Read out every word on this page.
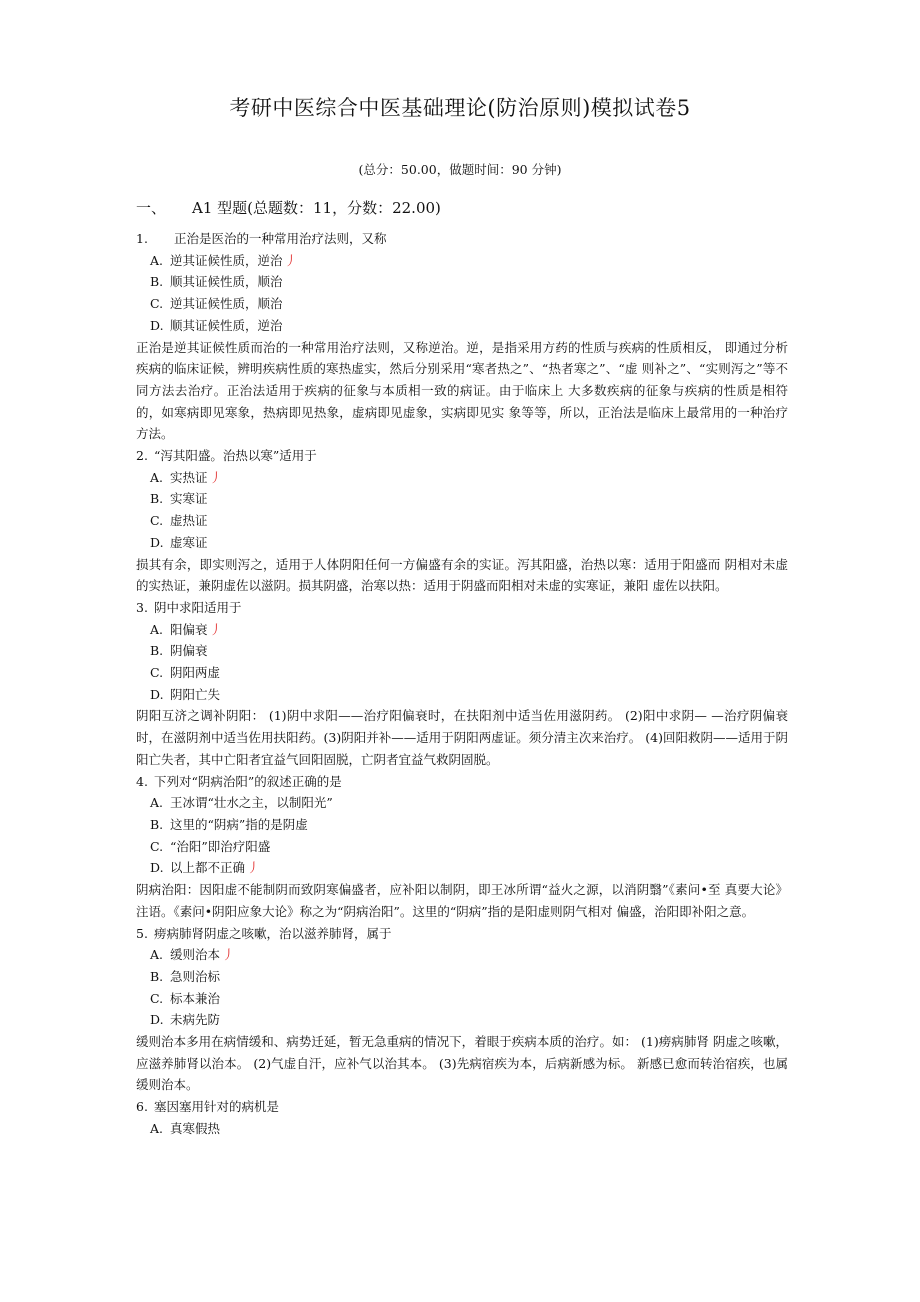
考研中医综合中医基础理论(防治原则)模拟试卷5
(总分：50.00，做题时间：90 分钟)
一、 A1 型题(总题数：11，分数：22.00)
1. 正治是医治的一种常用治疗法则，又称
A. 逆其证候性质，逆治 丿
B. 顺其证候性质，顺治
C. 逆其证候性质，顺治
D. 顺其证候性质，逆治
正治是逆其证候性质而治的一种常用治疗法则，又称逆治。逆，是指采用方药的性质与疾病的性质相反， 即通过分析疾病的临床证候，辨明疾病性质的寒热虚实，然后分别采用“寒者热之”、“热者寒之”、“虚 则补之”、“实则泻之”等不同方法去治疗。正治法适用于疾病的征象与本质相一致的病证。由于临床上 大多数疾病的征象与疾病的性质是相符的，如寒病即见寒象，热病即见热象，虚病即见虚象，实病即见实 象等等，所以，正治法是临床上最常用的一种治疗方法。
2. “泻其阳盛。治热以寒”适用于
A. 实热证 丿
B. 实寒证
C. 虚热证
D. 虚寒证
损其有余，即实则泻之，适用于人体阴阳任何一方偏盛有余的实证。泻其阳盛，治热以寒：适用于阳盛而 阴相对未虚的实热证，兼阴虚佐以滋阴。损其阴盛，治寒以热：适用于阴盛而阳相对未虚的实寒证，兼阳 虚佐以扶阳。
3. 阴中求阳适用于
A. 阳偏衰 丿
B. 阴偏衰
C. 阴阳两虚
D. 阴阳亡失
阴阳互济之调补阴阳： (1)阴中求阳——治疗阳偏衰时，在扶阳剂中适当佐用滋阴药。 (2)阳中求阴— —治疗阴偏衰时，在滋阴剂中适当佐用扶阳药。(3)阴阳并补——适用于阴阳两虚证。须分清主次来治疗。 (4)回阳救阴——适用于阴阳亡失者，其中亡阳者宜益气回阳固脱，亡阴者宜益气救阴固脱。
4. 下列对“阴病治阳”的叙述正确的是
A. 王冰谓“壮水之主，以制阳光”
B. 这里的“阴病”指的是阴虚
C. “治阳”即治疗阳盛
D. 以上都不正确 丿
阴病治阳：因阳虚不能制阴而致阴寒偏盛者，应补阳以制阴，即王冰所谓“益火之源，以消阴翳”《素问•至 真要大论》注语。《素问•阴阳应象大论》称之为“阴病治阳”。这里的“阴病”指的是阳虚则阴气相对 偏盛，治阳即补阳之意。
5. 痨病肺肾阴虚之咳嗽，治以滋养肺肾，属于
A. 缓则治本 丿
B. 急则治标
C. 标本兼治
D. 未病先防
缓则治本多用在病情缓和、病势迁延，暂无急重病的情况下，着眼于疾病本质的治疗。如： (1)痨病肺肾 阴虚之咳嗽，应滋养肺肾以治本。 (2)气虚自汗，应补气以治其本。 (3)先病宿疾为本，后病新感为标。 新感已愈而转治宿疾，也属缓则治本。
6. 塞因塞用针对的病机是
A. 真寒假热
